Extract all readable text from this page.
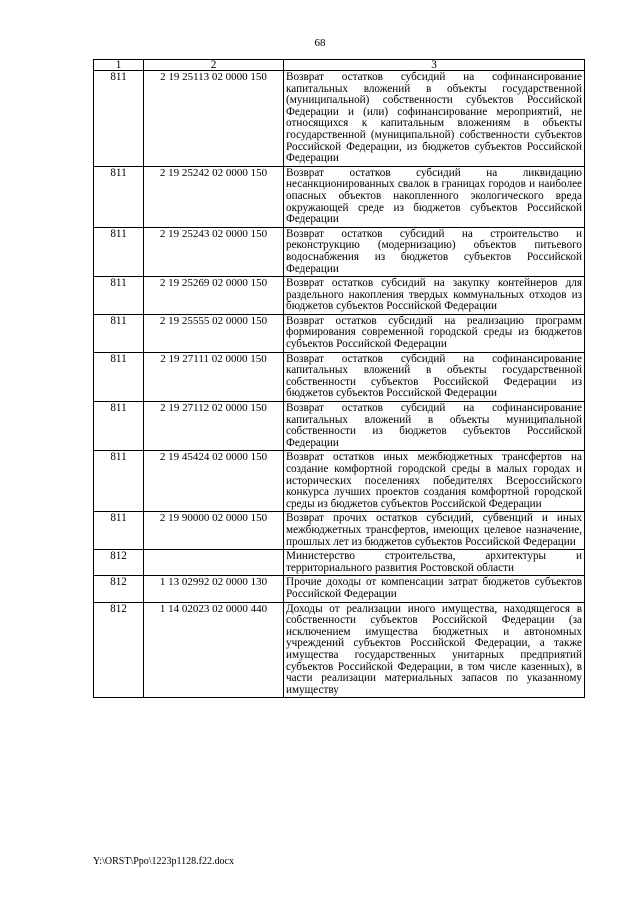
68
1	2	3
811	2 19 25113 02 0000 150	Возврат остатков субсидий на софинансирование капитальных вложений в объекты государственной (муниципальной) собственности субъектов Российской Федерации и (или) софинансирование мероприятий, не относящихся к капитальным вложениям в объекты государственной (муниципальной) собственности субъектов Российской Федерации, из бюджетов субъектов Российской Федерации
811	2 19 25242 02 0000 150	Возврат остатков субсидий на ликвидацию несанкционированных свалок в границах городов и наиболее опасных объектов накопленного экологического вреда окружающей среде из бюджетов субъектов Российской Федерации
811	2 19 25243 02 0000 150	Возврат остатков субсидий на строительство и реконструкцию (модернизацию) объектов питьевого водоснабжения из бюджетов субъектов Российской Федерации
811	2 19 25269 02 0000 150	Возврат остатков субсидий на закупку контейнеров для раздельного накопления твердых коммунальных отходов из бюджетов субъектов Российской Федерации
811	2 19 25555 02 0000 150	Возврат остатков субсидий на реализацию программ формирования современной городской среды из бюджетов субъектов Российской Федерации
811	2 19 27111 02 0000 150	Возврат остатков субсидий на софинансирование капитальных вложений в объекты государственной собственности субъектов Российской Федерации из бюджетов субъектов Российской Федерации
811	2 19 27112 02 0000 150	Возврат остатков субсидий на софинансирование капитальных вложений в объекты муниципальной собственности из бюджетов субъектов Российской Федерации
811	2 19 45424 02 0000 150	Возврат остатков иных межбюджетных трансфертов на создание комфортной городской среды в малых городах и исторических поселениях победителях Всероссийского конкурса лучших проектов создания комфортной городской среды из бюджетов субъектов Российской Федерации
811	2 19 90000 02 0000 150	Возврат прочих остатков субсидий, субвенций и иных межбюджетных трансфертов, имеющих целевое назначение, прошлых лет из бюджетов субъектов Российской Федерации
812		Министерство строительства, архитектуры и территориального развития Ростовской области
812	1 13 02992 02 0000 130	Прочие доходы от компенсации затрат бюджетов субъектов Российской Федерации
812	1 14 02023 02 0000 440	Доходы от реализации иного имущества, находящегося в собственности субъектов Российской Федерации (за исключением имущества бюджетных и автономных учреждений субъектов Российской Федерации, а также имущества государственных унитарных предприятий субъектов Российской Федерации, в том числе казенных), в части реализации материальных запасов по указанному имуществу
Y:\ORST\Ppo\1223p1128.f22.docx
